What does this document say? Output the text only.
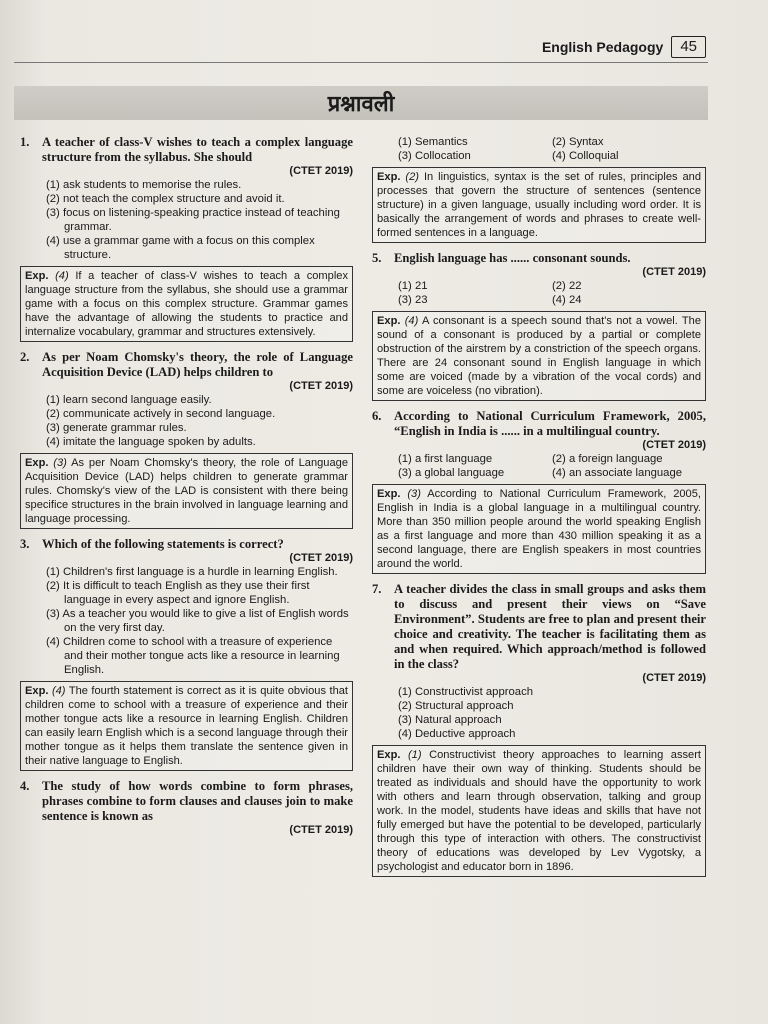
English Pedagogy	45
प्रश्नावली
1. A teacher of class-V wishes to teach a complex language structure from the syllabus. She should
(CTET 2019)

(1) ask students to memorise the rules.

(2) not teach the complex structure and avoid it.

(3) focus on listening-speaking practice instead of teaching grammar.

(4) use a grammar game with a focus on this complex structure.

Exp. (4) If a teacher of class-V wishes to teach a complex language structure from the syllabus, she should use a grammar game with a focus on this complex structure. Grammar games have the advantage of allowing the students to practice and internalize vocabulary, grammar and structures extensively.
2. As per Noam Chomsky's theory, the role of Language Acquisition Device (LAD) helps children to
(CTET 2019)

(1) learn second language easily.

(2) communicate actively in second language.

(3) generate grammar rules.

(4) imitate the language spoken by adults.

Exp. (3) As per Noam Chomsky's theory, the role of Language Acquisition Device (LAD) helps children to generate grammar rules. Chomsky's view of the LAD is consistent with there being specifice structures in the brain involved in language learning and language processing.
3. Which of the following statements is correct?
(CTET 2019)

(1) Children's first language is a hurdle in learning English.

(2) It is difficult to teach English as they use their first language in every aspect and ignore English.

(3) As a teacher you would like to give a list of English words on the very first day.

(4) Children come to school with a treasure of experience and their mother tongue acts like a resource in learning English.

Exp. (4) The fourth statement is correct as it is quite obvious that children come to school with a treasure of experience and their mother tongue acts like a resource in learning English. Children can easily learn English which is a second language through their mother tongue as it helps them translate the sentence given in their native language to English.
4. The study of how words combine to form phrases, phrases combine to form clauses and clauses join to make sentence is known as
(CTET 2019)
(1) Semantics	(2) Syntax
(3) Collocation	(4) Colloquial
Exp. (2) In linguistics, syntax is the set of rules, principles and processes that govern the structure of sentences (sentence structure) in a given language, usually including word order. It is basically the arrangement of words and phrases to create well-formed sentences in a language.
5. English language has ...... consonant sounds.
(CTET 2019)
(1) 21	(2) 22
(3) 23	(4) 24
Exp. (4) A consonant is a speech sound that's not a vowel. The sound of a consonant is produced by a partial or complete obstruction of the airstrem by a constriction of the speech organs. There are 24 consonant sound in English language in which some are voiced (made by a vibration of the vocal cords) and some are voiceless (no vibration).
6. According to National Curriculum Framework, 2005, “English in India is ...... in a multilingual country.
(CTET 2019)
(1) a first language	(2) a foreign language
(3) a global language	(4) an associate language
Exp. (3) According to National Curriculum Framework, 2005, English in India is a global language in a multilingual country. More than 350 million people around the world speaking English as a first language and more than 430 million speaking it as a second language, there are English speakers in most countries around the world.
7. A teacher divides the class in small groups and asks them to discuss and present their views on “Save Environment”. Students are free to plan and present their choice and creativity. The teacher is facilitating them as and when required. Which approach/method is followed in the class?
(CTET 2019)

(1) Constructivist approach

(2) Structural approach

(3) Natural approach

(4) Deductive approach

Exp. (1) Constructivist theory approaches to learning assert children have their own way of thinking. Students should be treated as individuals and should have the opportunity to work with others and learn through observation, talking and group work. In the model, students have ideas and skills that have not fully emerged but have the potential to be developed, particularly through this type of interaction with others. The constructivist theory of educations was developed by Lev Vygotsky, a psychologist and educator born in 1896.
